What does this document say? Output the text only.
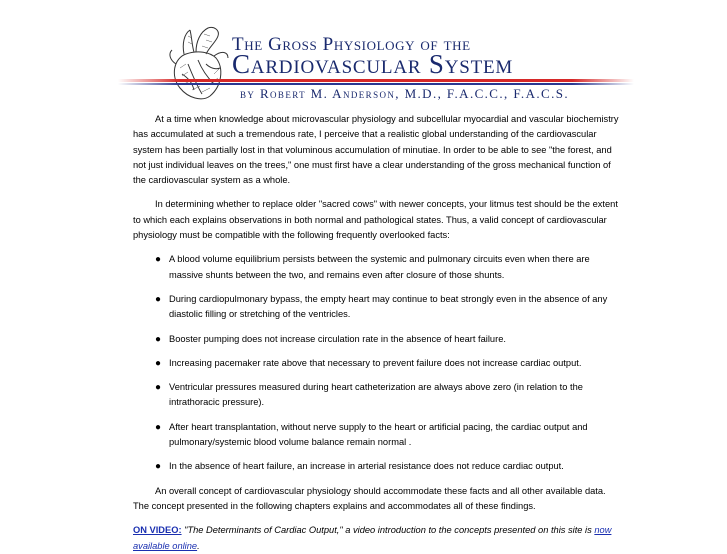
The Gross Physiology of the
Cardiovascular System
by Robert M. Anderson, M.D., F.A.C.C., F.A.C.S.

At a time when knowledge about microvascular physiology and subcellular myocardial and vascular biochemistry has accumulated at such a tremendous rate, I perceive that a realistic global understanding of the cardiovascular system has been partially lost in that voluminous accumulation of minutiae. In order to be able to see "the forest, and not just individual leaves on the trees," one must first have a clear understanding of the gross mechanical function of the cardiovascular system as a whole.

In determining whether to replace older "sacred cows" with newer concepts, your litmus test should be the extent to which each explains observations in both normal and pathological states. Thus, a valid concept of cardiovascular physiology must be compatible with the following frequently overlooked facts:

● A blood volume equilibrium persists between the systemic and pulmonary circuits even when there are massive shunts between the two, and remains even after closure of those shunts.
● During cardiopulmonary bypass, the empty heart may continue to beat strongly even in the absence of any diastolic filling or stretching of the ventricles.
● Booster pumping does not increase circulation rate in the absence of heart failure.
● Increasing pacemaker rate above that necessary to prevent failure does not increase cardiac output.
● Ventricular pressures measured during heart catheterization are always above zero (in relation to the intrathoracic pressure).
● After heart transplantation, without nerve supply to the heart or artificial pacing, the cardiac output and pulmonary/systemic blood volume balance remain normal .
● In the absence of heart failure, an increase in arterial resistance does not reduce cardiac output.

An overall concept of cardiovascular physiology should accommodate these facts and all other available data. The concept presented in the following chapters explains and accommodates all of these findings.

ON VIDEO: "The Determinants of Cardiac Output," a video introduction to the concepts presented on this site is now available online.
